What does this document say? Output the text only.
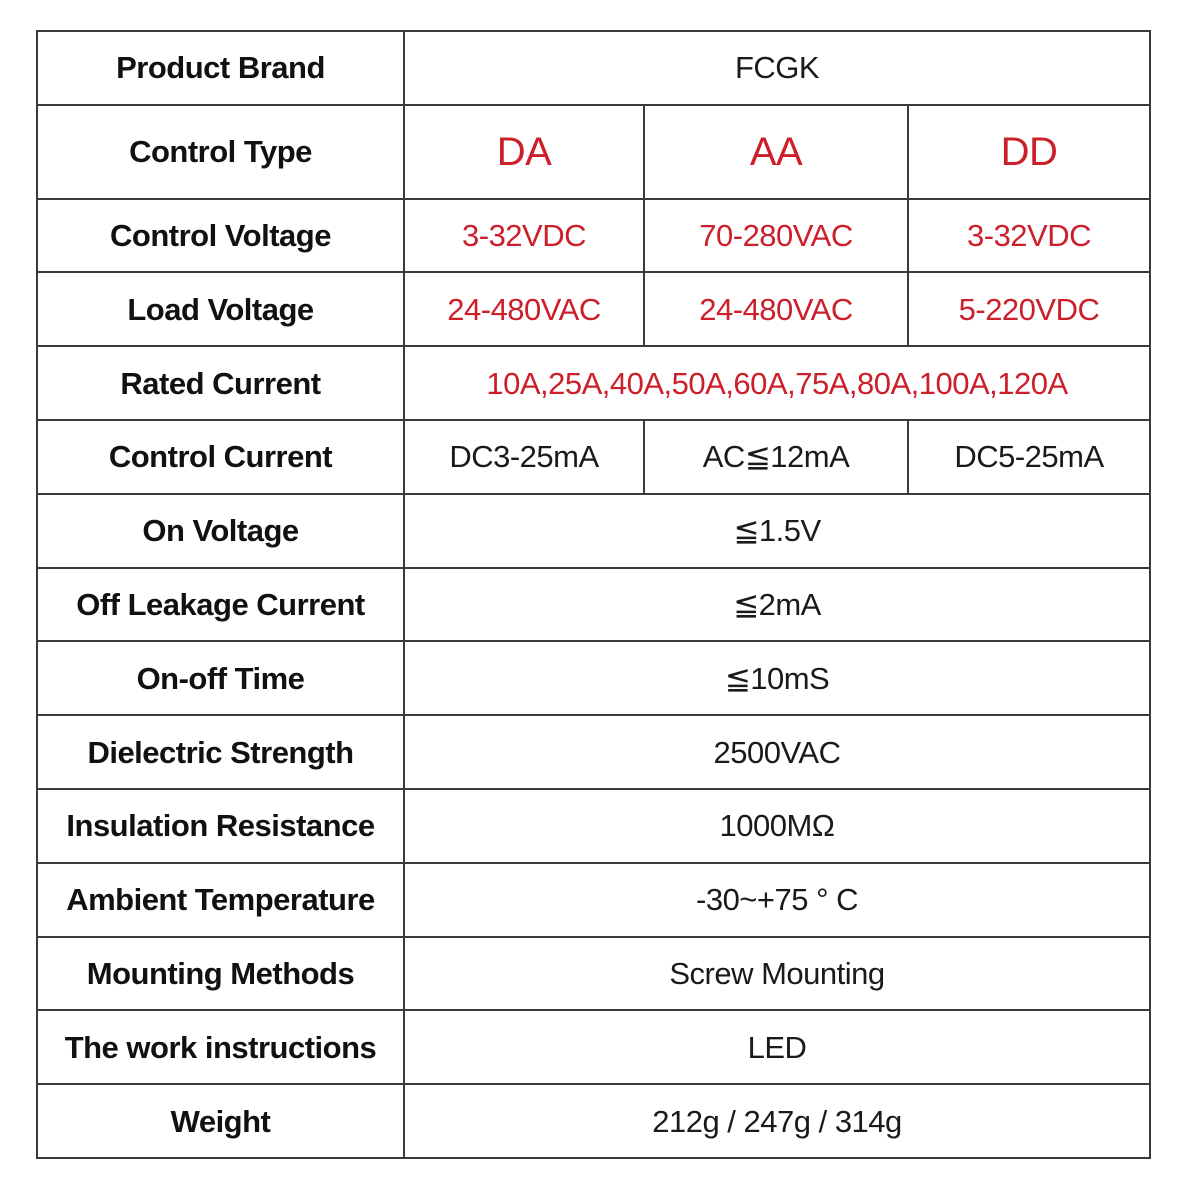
Product Brand	FCGK		
Control Type	DA	AA	DD
Control Voltage	3-32VDC	70-280VAC	3-32VDC
Load Voltage	24-480VAC	24-480VAC	5-220VDC
Rated Current	10A,25A,40A,50A,60A,75A,80A,100A,120A		
Control Current	DC3-25mA	AC≦12mA	DC5-25mA
On Voltage	≦1.5V		
Off Leakage Current	≦2mA		
On-off Time	≦10mS		
Dielectric Strength	2500VAC		
Insulation Resistance	1000MΩ		
Ambient Temperature	-30~+75 ° C		
Mounting Methods	Screw Mounting		
The work instructions	LED		
Weight	212g / 247g / 314g		
